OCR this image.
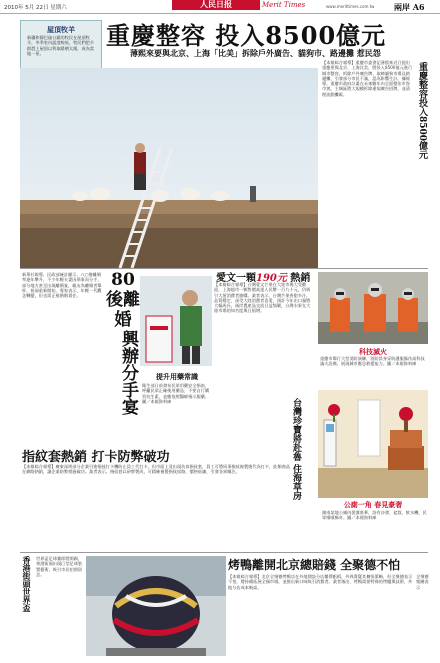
2010年 5月 22日 星期六	人民日报	Merit Times	www.merittimes.com.tw 兩岸 A6
屋頂牧羊
新疆和靜巴倫台鎮的牧民在屋頂牧羊，冬季室內溫度較低，牧民們把羊群趕上屋頂以利取暖晒太陽，成為當地一景。
重慶整容 投入8500億元
薄熙來要與北京、上海「比美」拆除戶外廣告、貓狗市、路邊攤 惹民怨
【本報綜合報導】重慶市委書記薄熙來近日提出重慶要與北京、上海比美，將投入8500億元進行城市整容，拆除戶外廣告牌、取締貓狗市場及路邊攤，引發部分市民不滿，認為影響生計。據報導，重慶市政府計畫在未來數年內全面整治市容市貌，主城區將大規模拆除違規廣告招牌，並清理流動攤販。	重慶整容投入8500億元
新華社報導，民政部統計顯示，八○後離婚率逐年攀升，不少年輕夫妻因瑣事而分手，部分地方甚至出現離婚宴，親友為離婚者舉杯，祝福重新開始。專家表示，年輕一代觀念轉變，但也需正視婚姻責任。
80後離婚
興辦分手宴	提升用藥常識
衛生部日前發布民眾用藥安全指南，呼籲民眾正確使用藥品，不要自行購買抗生素，並應依照醫師指示服藥。圖／本報資料庫
愛文一顆190元 熱銷
【本報綜合報導】台灣愛文芒果在大陸市場大受歡迎，上海超市一顆售價高達人民幣一百九十元，仍吸引大批消費者搶購。業者表示，台灣芒果香甜多汁，品質穩定，深受大陸消費者喜愛，預計今年出口量將大幅成長。兩岸農產品交流日益頻繁，台灣水果在大陸市場的知名度與日俱增。
科技滅火
重慶市舉行大型消防演練，消防員身穿防護服操作高科技滅火設備，展現城市應急救援能力。圖／本報資料庫
台灣珍寶將赴魯 住海草房
公廁一角 春見豪奢
湖南某地公廁內裝潢豪華，設有沙發、盆栽、飲水機，民眾嘖嘖稱奇。圖／本報資料庫
指紋套熱銷 打卡防弊破功
【本報綜合報導】廣東深圳部分企業引進指紋打卡機防止員工代打卡，但市面上竟出現仿真指紋套，員工可將同事指紋複製後代為打卡，此類商品在網路熱銷，讓企業防弊措施破功。業者表示，指紋套以矽膠製成，可精確複製指紋紋路，價格低廉，引發各界關注。
香港街頭世界盃 世界盃足球賽即將開踢，香港街頭出現巨型足球裝置藝術，吸引市民拍照留念。
烤鴨離開北京總賠錢 全聚德不怕
【本報綜合報導】北京全聚德烤鴨店在外地開設分店屢傳虧損，外界質疑其擴張策略，但全聚德表示不怕，將持續拓展全國市場，並推出新口味吸引消費者。業者指出，烤鴨需要特殊的烤爐與技術，外地分店成本較高。
全聚德集團表示
